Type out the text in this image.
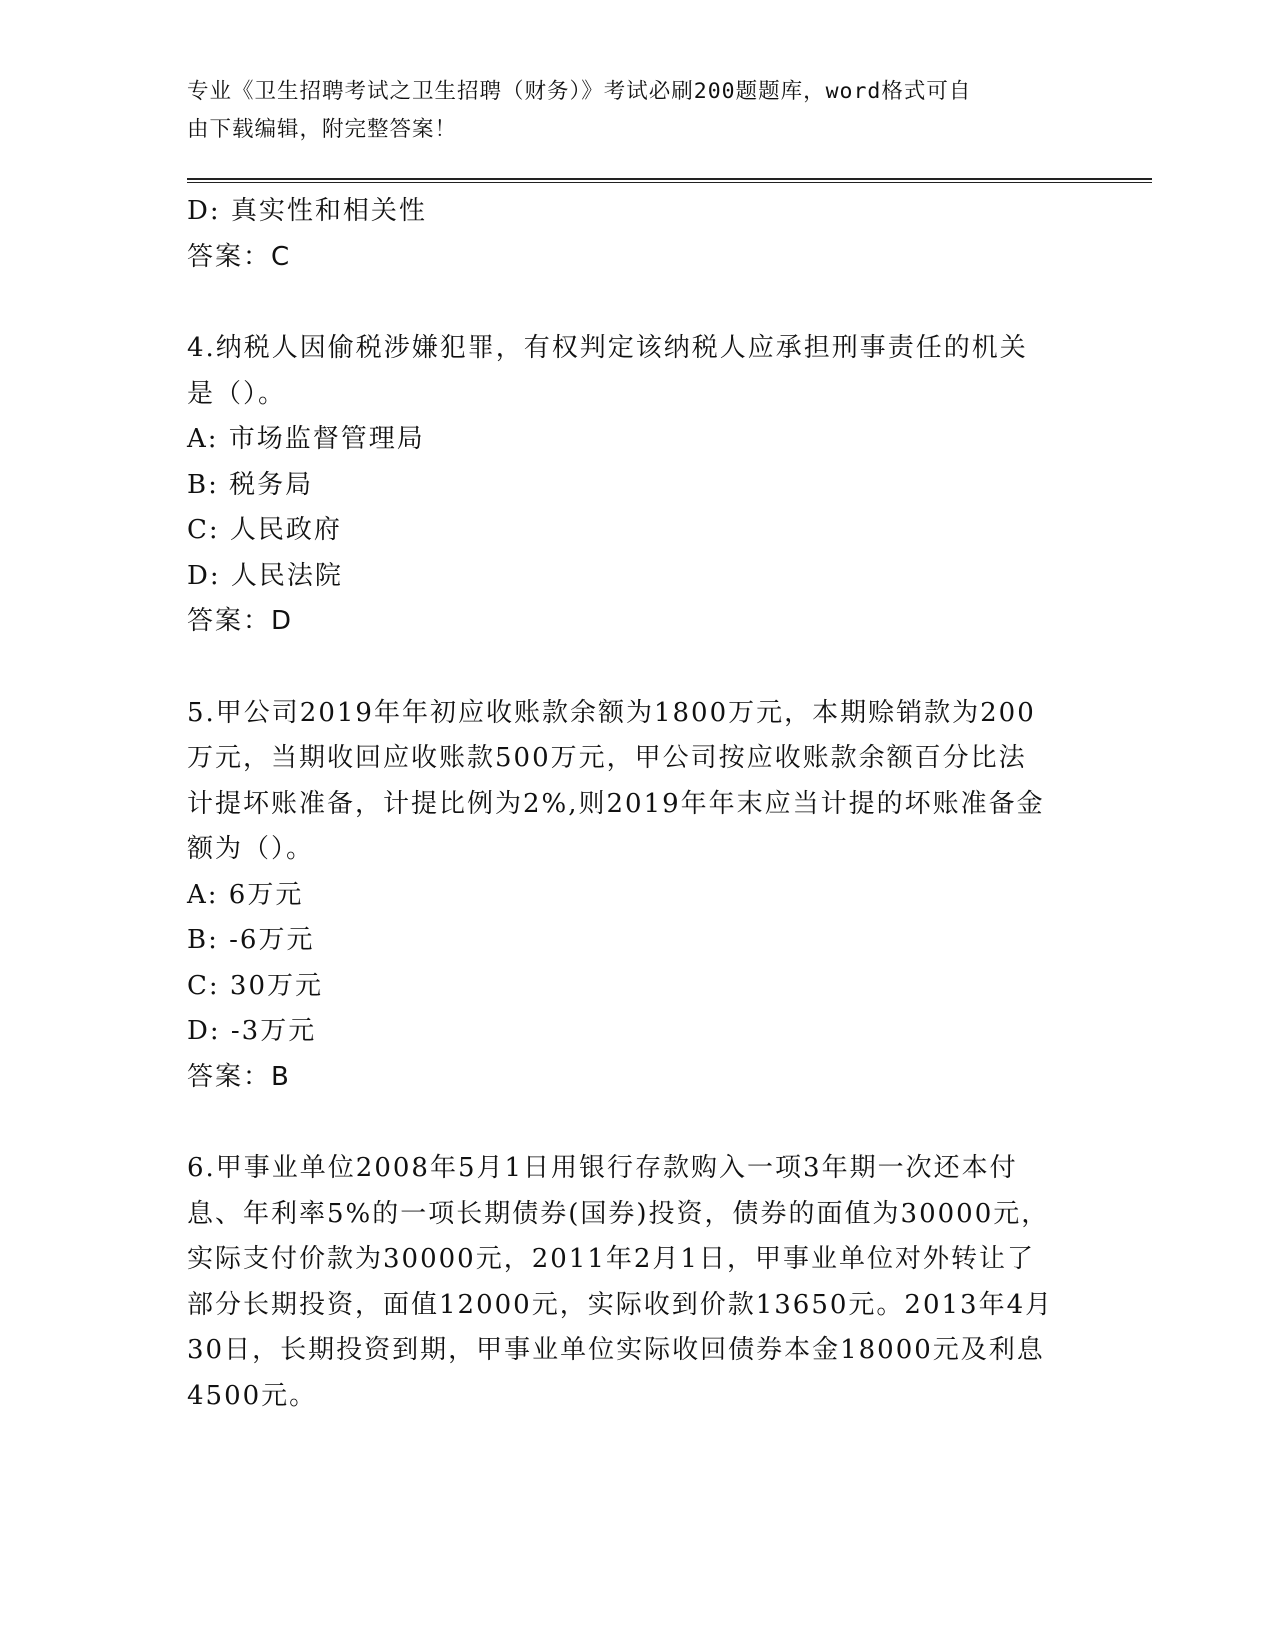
专业《卫生招聘考试之卫生招聘（财务）》考试必刷200题题库，word格式可自
由下载编辑，附完整答案！
D: 真实性和相关性
答案：C
4.纳税人因偷税涉嫌犯罪，有权判定该纳税人应承担刑事责任的机关
是（）。
A: 市场监督管理局
B: 税务局
C: 人民政府
D: 人民法院
答案：D
5.甲公司2019年年初应收账款余额为1800万元，本期赊销款为200
万元，当期收回应收账款500万元，甲公司按应收账款余额百分比法
计提坏账准备，计提比例为2%,则2019年年末应当计提的坏账准备金
额为（）。
A: 6万元
B: -6万元
C: 30万元
D: -3万元
答案：B
6.甲事业单位2008年5月1日用银行存款购入一项3年期一次还本付
息、年利率5%的一项长期债券(国券)投资，债券的面值为30000元，
实际支付价款为30000元，2011年2月1日，甲事业单位对外转让了
部分长期投资，面值12000元，实际收到价款13650元。2013年4月
30日，长期投资到期，甲事业单位实际收回债券本金18000元及利息
4500元。
